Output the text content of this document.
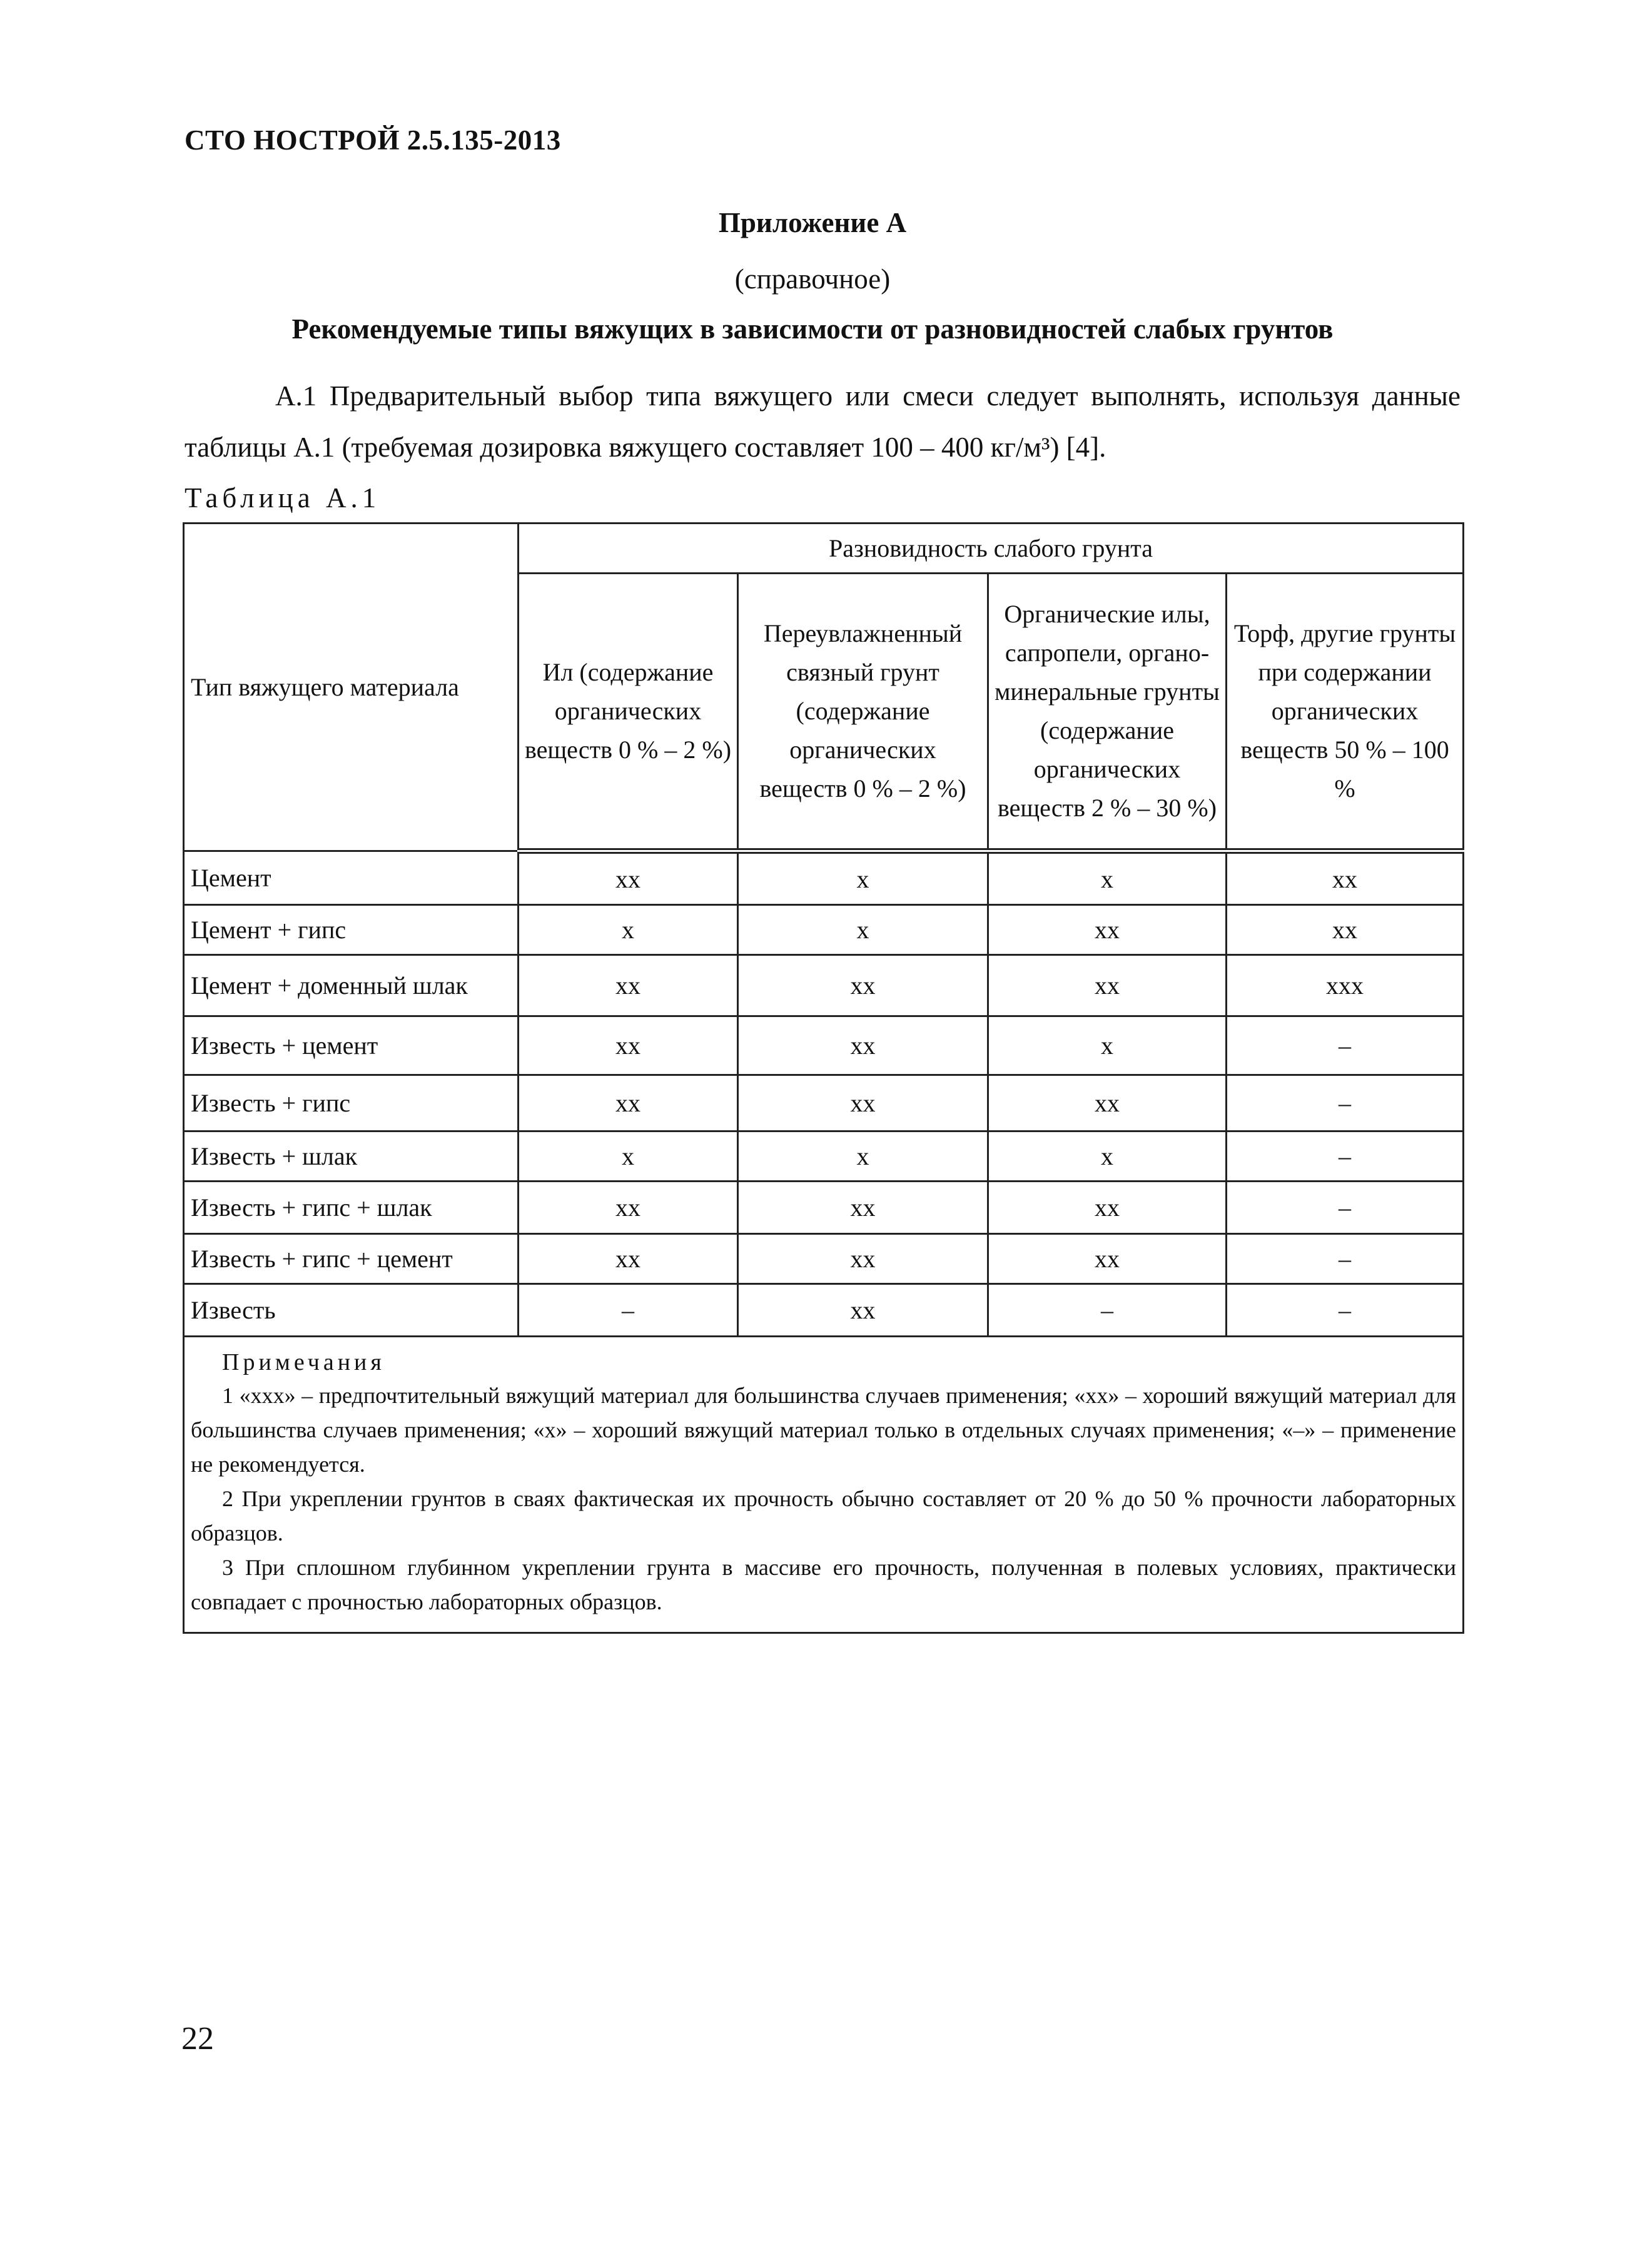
СТО НОСТРОЙ 2.5.135-2013
Приложение А
(справочное)
Рекомендуемые типы вяжущих в зависимости от разновидностей слабых грунтов
А.1 Предварительный выбор типа вяжущего или смеси следует выполнять, используя данные таблицы А.1 (требуемая дозировка вяжущего составляет 100 – 400 кг/м³) [4].
Таблица А.1
Тип вяжущего материала	Разновидность слабого грунта			
	Ил (содержание органических веществ 0 % – 2 %)	Переувлажненный связный грунт (содержание органических веществ 0 % – 2 %)	Органические илы, сапропели, органо-минеральные грунты (содержание органических веществ 2 % – 30 %)	Торф, другие грунты при содержании органических веществ 50 % – 100 %
Цемент	хх	х	х	хх
Цемент + гипс	х	х	хх	хх
Цемент + доменный шлак	хх	хх	хх	ххх
Известь + цемент	хх	хх	х	–
Известь + гипс	хх	хх	хх	–
Известь + шлак	х	х	х	–
Известь + гипс + шлак	хх	хх	хх	–
Известь + гипс + цемент	хх	хх	хх	–
Известь	–	хх	–	–

Примечания
1 «ххх» – предпочтительный вяжущий материал для большинства случаев применения; «хх» – хороший вяжущий материал для большинства случаев применения; «х» – хороший вяжущий материал только в отдельных случаях применения; «–» – применение не рекомендуется.
2 При укреплении грунтов в сваях фактическая их прочность обычно составляет от 20 % до 50 % прочности лабораторных образцов.
3 При сплошном глубинном укреплении грунта в массиве его прочность, полученная в полевых условиях, практически совпадает с прочностью лабораторных образцов.				
22
